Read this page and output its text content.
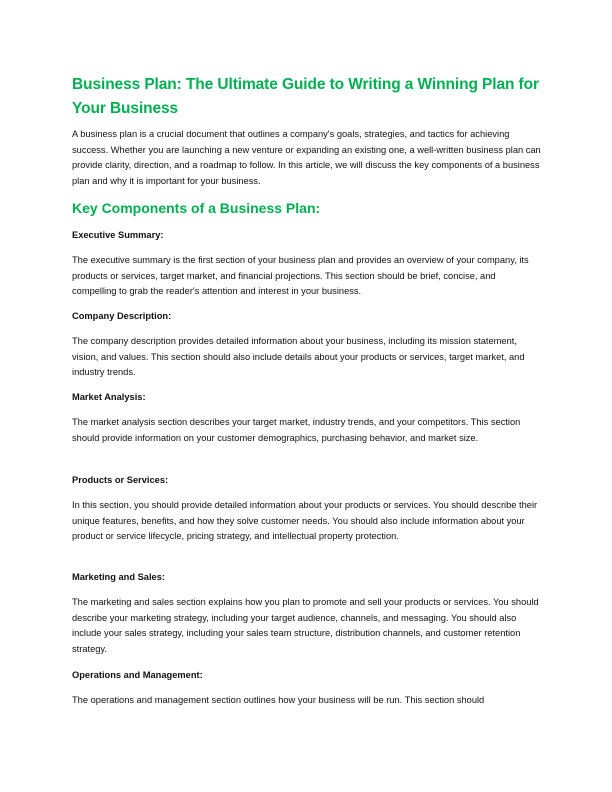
Business Plan: The Ultimate Guide to Writing a Winning Plan for Your Business

A business plan is a crucial document that outlines a company's goals, strategies, and tactics for achieving success. Whether you are launching a new venture or expanding an existing one, a well-written business plan can provide clarity, direction, and a roadmap to follow. In this article, we will discuss the key components of a business plan and why it is important for your business.

Key Components of a Business Plan:

Executive Summary:

The executive summary is the first section of your business plan and provides an overview of your company, its products or services, target market, and financial projections. This section should be brief, concise, and compelling to grab the reader's attention and interest in your business.

Company Description:

The company description provides detailed information about your business, including its mission statement, vision, and values. This section should also include details about your products or services, target market, and industry trends.

Market Analysis:

The market analysis section describes your target market, industry trends, and your competitors. This section should provide information on your customer demographics, purchasing behavior, and market size.

Products or Services:

In this section, you should provide detailed information about your products or services. You should describe their unique features, benefits, and how they solve customer needs. You should also include information about your product or service lifecycle, pricing strategy, and intellectual property protection.

Marketing and Sales:

The marketing and sales section explains how you plan to promote and sell your products or services. You should describe your marketing strategy, including your target audience, channels, and messaging. You should also include your sales strategy, including your sales team structure, distribution channels, and customer retention strategy.

Operations and Management:

The operations and management section outlines how your business will be run. This section should
